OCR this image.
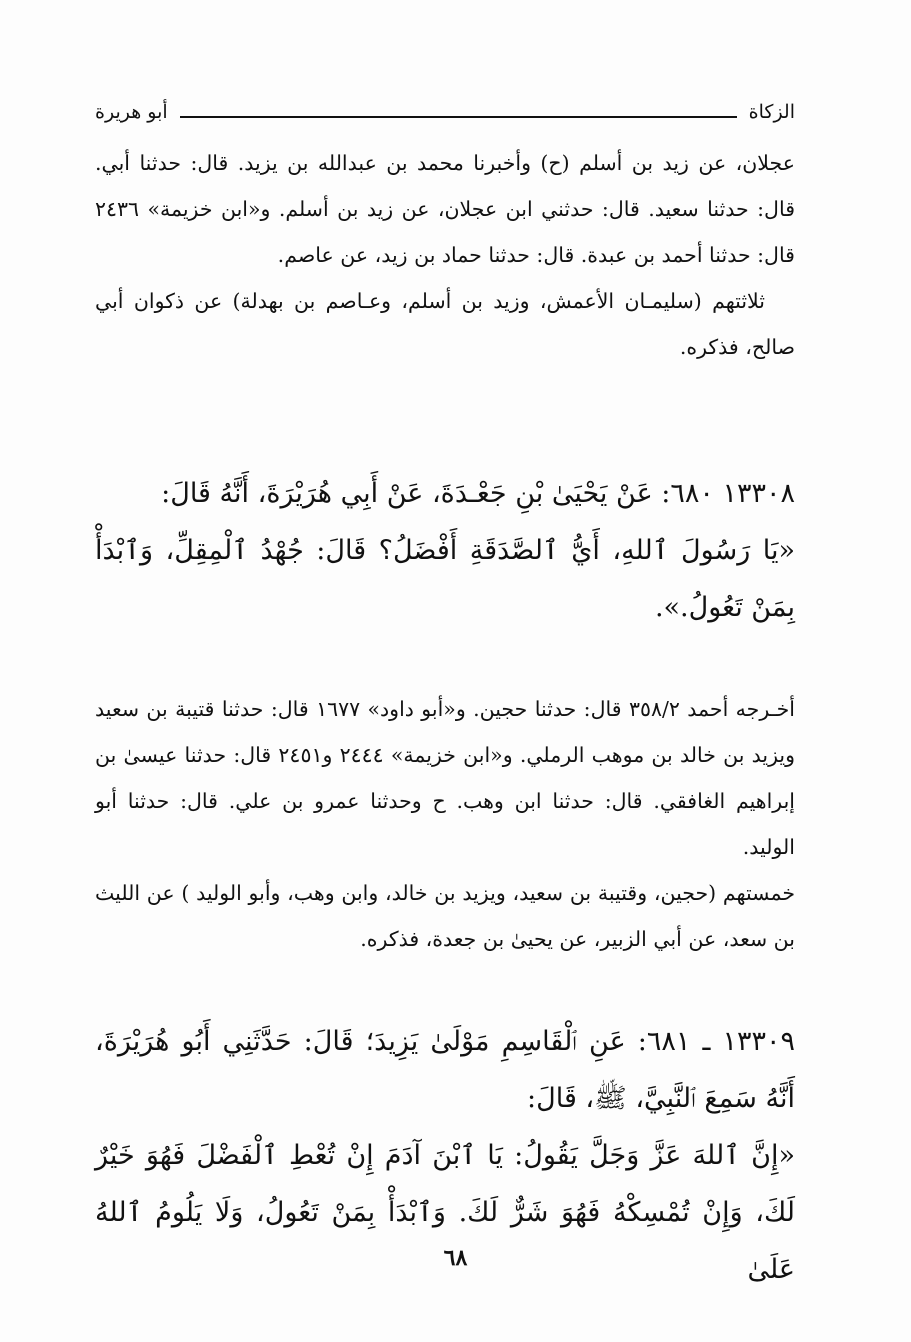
الزكاة
أبو هريرة

عجلان، عن زيد بن أسلم (ح) وأخبرنا محمد بن عبدالله بن يزيد. قال: حدثنا أبي. قال: حدثنا سعيد. قال: حدثني ابن عجلان، عن زيد بن أسلم. و«ابن خزيمة» ٢٤٣٦ قال: حدثنا أحمد بن عبدة. قال: حدثنا حماد بن زيد، عن عاصم.

ثلاثتهم (سليمـان الأعمش، وزيد بن أسلم، وعـاصم بن بهدلة) عن ذكوان أبي صالح، فذكره.

١٣٣٠٨ ٦٨٠: عَنْ يَحْيَىٰ بْنِ جَعْـدَةَ، عَنْ أَبِي هُرَيْرَةَ، أَنَّهُ قَالَ:

«يَا رَسُولَ ٱللهِ، أَيُّ ٱلصَّدَقَةِ أَفْضَلُ؟ قَالَ: جُهْدُ ٱلْمِقِلِّ، وَٱبْدَأْ بِمَنْ تَعُولُ.».

أخـرجه أحمد ٣٥٨/٢ قال: حدثنا حجين. و«أبو داود» ١٦٧٧ قال: حدثنا قتيبة بن سعيد ويزيد بن خالد بن موهب الرملي. و«ابن خزيمة» ٢٤٤٤ و٢٤٥١ قال: حدثنا عيسىٰ بن إبراهيم الغافقي. قال: حدثنا ابن وهب. ح وحدثنا عمرو بن علي. قال: حدثنا أبو الوليد.

خمستهم (حجين، وقتيبة بن سعيد، ويزيد بن خالد، وابن وهب، وأبو الوليد ) عن الليث بن سعد، عن أبي الزبير، عن يحيىٰ بن جعدة، فذكره.

١٣٣٠٩ ـ ٦٨١: عَنِ ٱلْقَاسِمِ مَوْلَىٰ يَزِيدَ؛ قَالَ: حَدَّثَنِي أَبُو هُرَيْرَةَ، أَنَّهُ سَمِعَ ٱلنَّبِيَّ، ﷺ، قَالَ:

«إِنَّ ٱللهَ عَزَّ وَجَلَّ يَقُولُ: يَا ٱبْنَ آدَمَ إِنْ تُعْطِ ٱلْفَضْلَ فَهُوَ خَيْرٌ لَكَ، وَإِنْ تُمْسِكْهُ فَهُوَ شَرٌّ لَكَ. وَٱبْدَأْ بِمَنْ تَعُولُ، وَلَا يَلُومُ ٱللهُ عَلَىٰ

٦٨
